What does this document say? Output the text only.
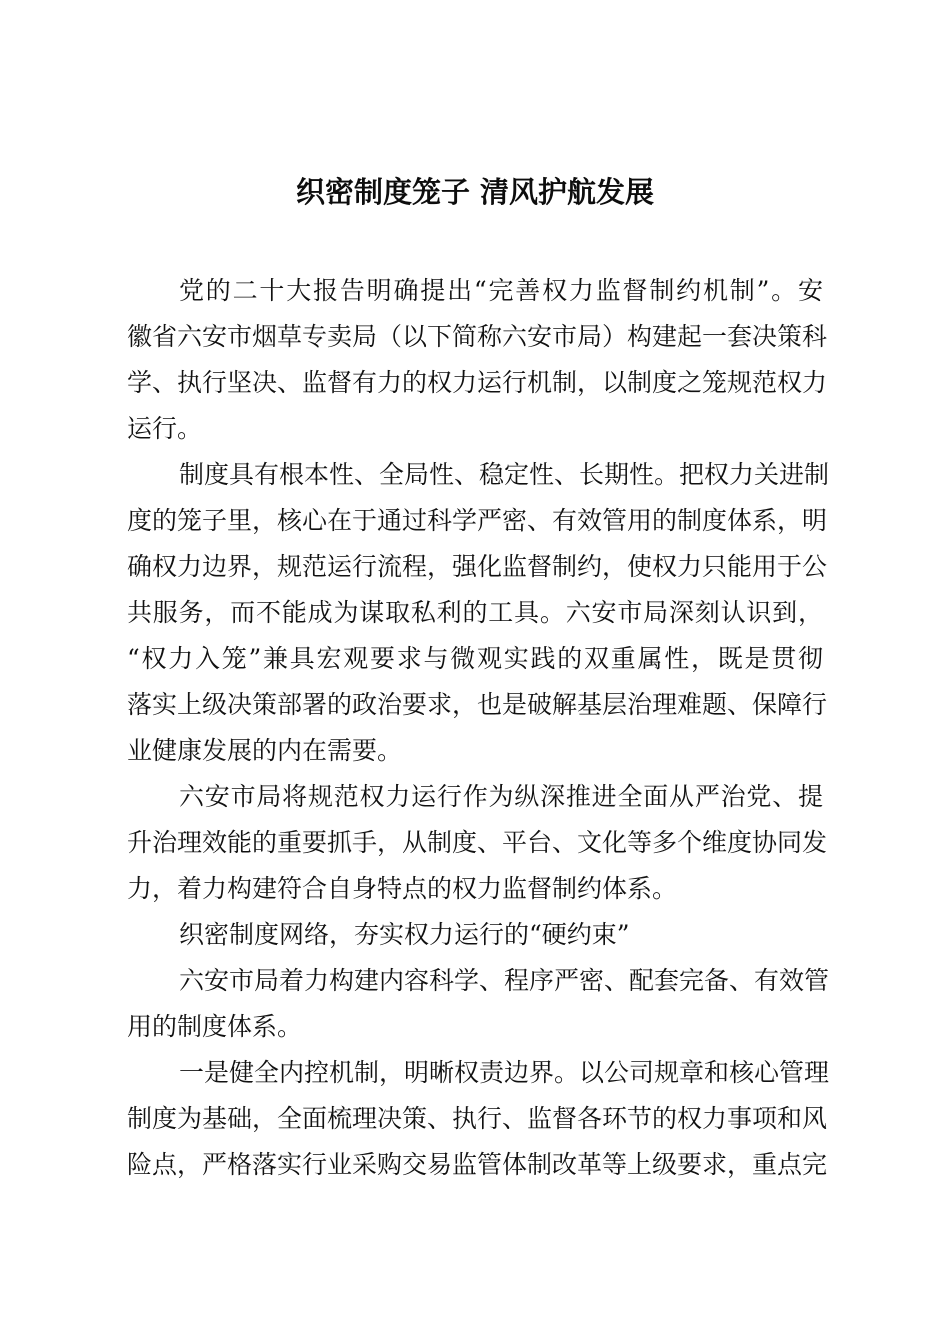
织密制度笼子 清风护航发展
党的二十大报告明确提出“完善权力监督制约机制”。安
徽省六安市烟草专卖局（以下简称六安市局）构建起一套决策科
学、执行坚决、监督有力的权力运行机制，以制度之笼规范权力
运行。
制度具有根本性、全局性、稳定性、长期性。把权力关进制
度的笼子里，核心在于通过科学严密、有效管用的制度体系，明
确权力边界，规范运行流程，强化监督制约，使权力只能用于公
共服务，而不能成为谋取私利的工具。六安市局深刻认识到，
“权力入笼”兼具宏观要求与微观实践的双重属性，既是贯彻
落实上级决策部署的政治要求，也是破解基层治理难题、保障行
业健康发展的内在需要。
六安市局将规范权力运行作为纵深推进全面从严治党、提
升治理效能的重要抓手，从制度、平台、文化等多个维度协同发
力，着力构建符合自身特点的权力监督制约体系。
织密制度网络，夯实权力运行的“硬约束”
六安市局着力构建内容科学、程序严密、配套完备、有效管
用的制度体系。
一是健全内控机制，明晰权责边界。以公司规章和核心管理
制度为基础，全面梳理决策、执行、监督各环节的权力事项和风
险点，严格落实行业采购交易监管体制改革等上级要求，重点完
